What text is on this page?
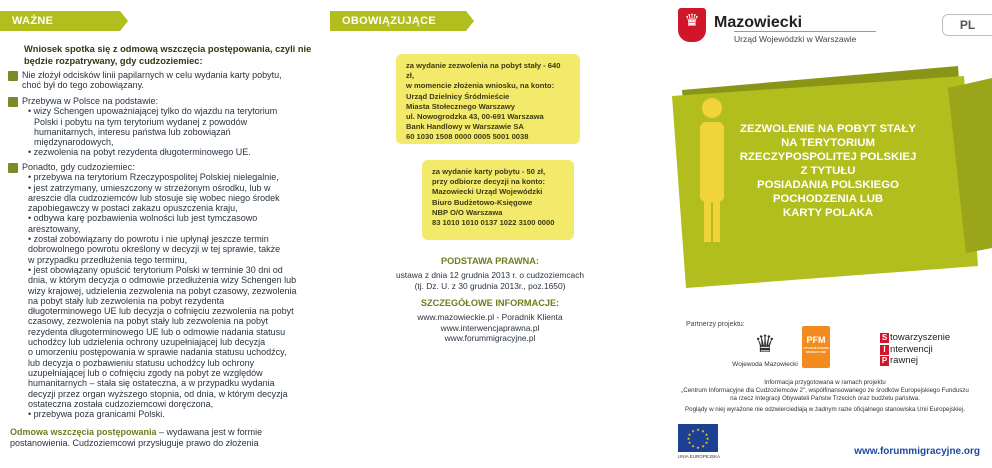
WAŻNE INFORMACJE:
Wniosek spotka się z odmową wszczęcia postępowania, czyli nie będzie rozpatrywany, gdy cudzoziemiec:
Nie złożył odcisków linii papilarnych w celu wydania karty pobytu,
choć był do tego zobowiązany.
Przebywa w Polsce na podstawie:
• wizy Schengen upoważniającej tylko do wjazdu na terytorium
Polski i pobytu na tym terytorium wydanej z powodów
humanitarnych, interesu państwa lub zobowiązań
międzynarodowych,
• zezwolenia na pobyt rezydenta długoterminowego UE.
Ponadto, gdy cudzoziemiec:
• przebywa na terytorium Rzeczypospolitej Polskiej nielegalnie,
• jest zatrzymany, umieszczony w strzeżonym ośrodku, lub w
areszcie dla cudzoziemców lub stosuje się wobec niego środek
zapobiegawczy w postaci zakazu opuszczenia kraju,
• odbywa karę pozbawienia wolności lub jest tymczasowo
aresztowany,
• został zobowiązany do powrotu i nie upłynął jeszcze termin
dobrowolnego powrotu określony w decyzji w tej sprawie, także
w przypadku przedłużenia tego terminu,
• jest obowiązany opuścić terytorium Polski w terminie 30 dni od
dnia, w którym decyzja o odmowie przedłużenia wizy Schengen lub
wizy krajowej, udzielenia zezwolenia na pobyt czasowy, zezwolenia
na pobyt stały lub zezwolenia na pobyt rezydenta
długoterminowego UE lub decyzja o cofnięciu zezwolenia na pobyt
czasowy, zezwolenia na pobyt stały lub zezwolenia na pobyt
rezydenta długoterminowego UE lub o odmowie nadania statusu
uchodźcy lub udzielenia ochrony uzupełniającej lub decyzja
o umorzeniu postępowania w sprawie nadania statusu uchodźcy,
lub decyzja o pozbawieniu statusu uchodźcy lub ochrony
uzupełniającej lub o cofnięciu zgody na pobyt ze względów
humanitarnych – stała się ostateczna, a w przypadku wydania
decyzji przez organ wyższego stopnia, od dnia, w którym decyzja
ostateczna została cudzoziemcowi doręczona,
• przebywa poza granicami Polski.
Odmowa wszczęcia postępowania – wydawana jest w formie
postanowienia. Cudzoziemcowi przysługuje prawo do złożenia
OBOWIĄZUJĄCE OPŁATY:
za wydanie zezwolenia na pobyt stały - 640 zł,
w momencie złożenia wniosku, na konto:
Urząd Dzielnicy Śródmieście
Miasta Stołecznego Warszawy
ul. Nowogrodzka 43, 00-691 Warszawa
Bank Handlowy w Warszawie SA
60 1030 1508 0000 0005 5001 0038
za wydanie karty pobytu - 50 zł,
przy odbiorze decyzji na konto:
Mazowiecki Urząd Wojewódzki
Biuro Budżetowo-Księgowe
NBP O/O Warszawa
83 1010 1010 0137 1022 3100 0000
PODSTAWA PRAWNA:
ustawa z dnia 12 grudnia 2013 r. o cudzoziemcach
(tj. Dz. U. z 30 grudnia 2013r., poz.1650)
SZCZEGÓŁOWE INFORMACJE:
www.mazowieckie.pl - Poradnik Klienta
www.interwencjaprawna.pl
www.forummigracyjne.pl
PL
♛
Mazowiecki
Urząd Wojewódzki w Warszawie
ZEZWOLENIE NA POBYT STAŁY
NA TERYTORIUM
RZECZYPOSPOLITEJ POLSKIEJ
Z TYTUŁU
POSIADANIA POLSKIEGO
POCHODZENIA LUB
KARTY POLAKA
Partnerzy projektu:
♛
Wojewoda Mazowiecki
PFM
POLSKIE FORUM
MIGRACYJNE
S towarzyszenie
I nterwencji
P rawnej
Informacja przygotowana w ramach projektu
„Centrum Informacyjne dla Cudzoziemców 2", współfinansowanego ze środków Europejskiego Funduszu
na rzecz Integracji Obywateli Państw Trzecich oraz budżetu państwa.
Poglądy w niej wyrażone nie odzwierciedlają w żadnym razie oficjalnego stanowiska Unii Europejskiej.
★ ★
★
★
★
★
★
★
★
★
★
★
UNIA EUROPEJSKA	www.forummigracyjne.org
